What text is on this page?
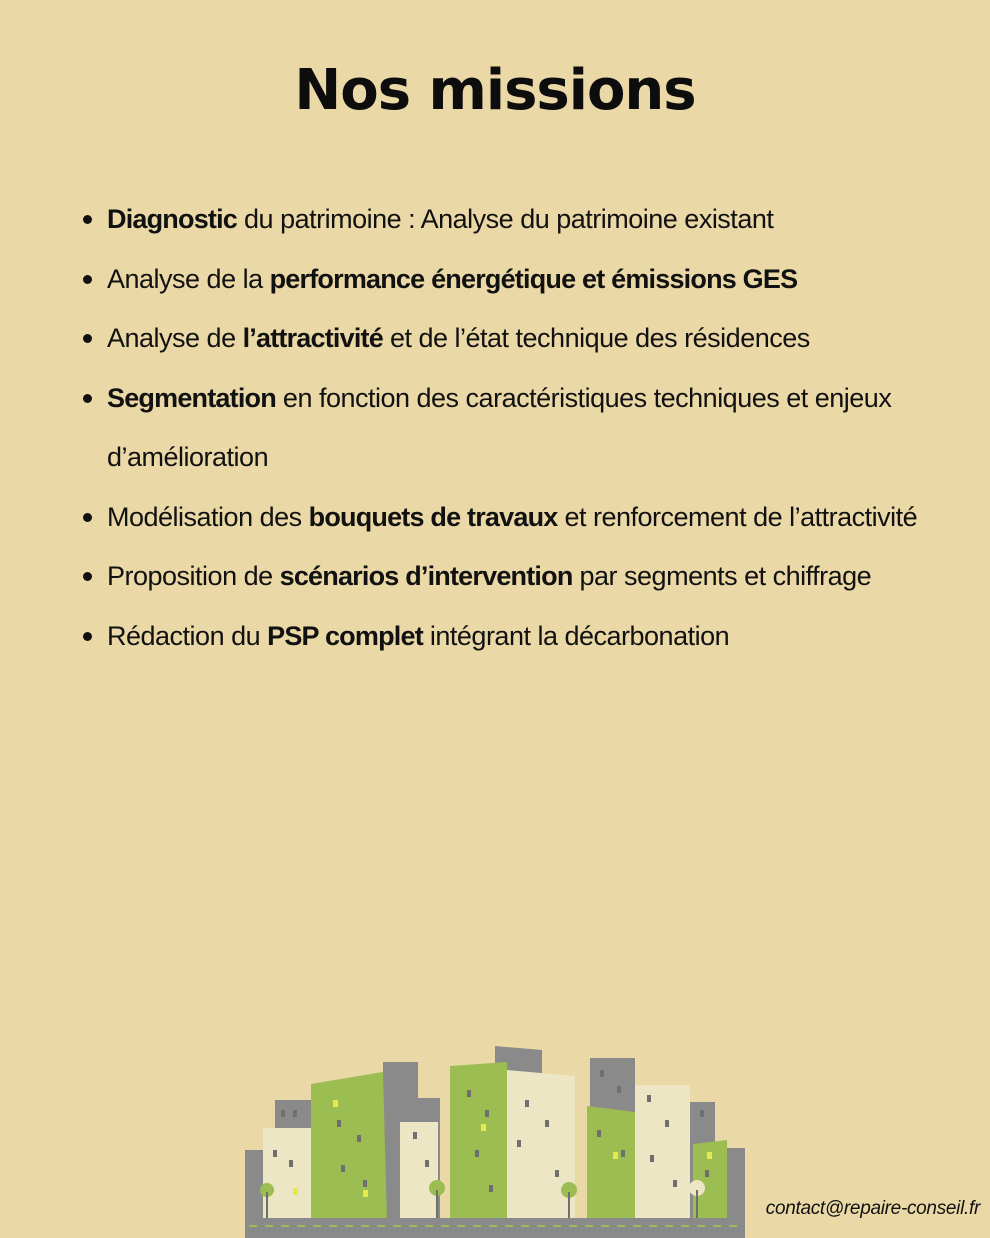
Nos missions
Diagnostic du patrimoine : Analyse du patrimoine existant
Analyse de la performance énergétique et émissions GES
Analyse de l’attractivité et de l’état technique des résidences
Segmentation en fonction des caractéristiques techniques et enjeux d’amélioration
Modélisation des bouquets de travaux et renforcement de l’attractivité
Proposition de scénarios d’intervention par segments et chiffrage
Rédaction du PSP complet intégrant la décarbonation
contact@repaire-conseil.fr
